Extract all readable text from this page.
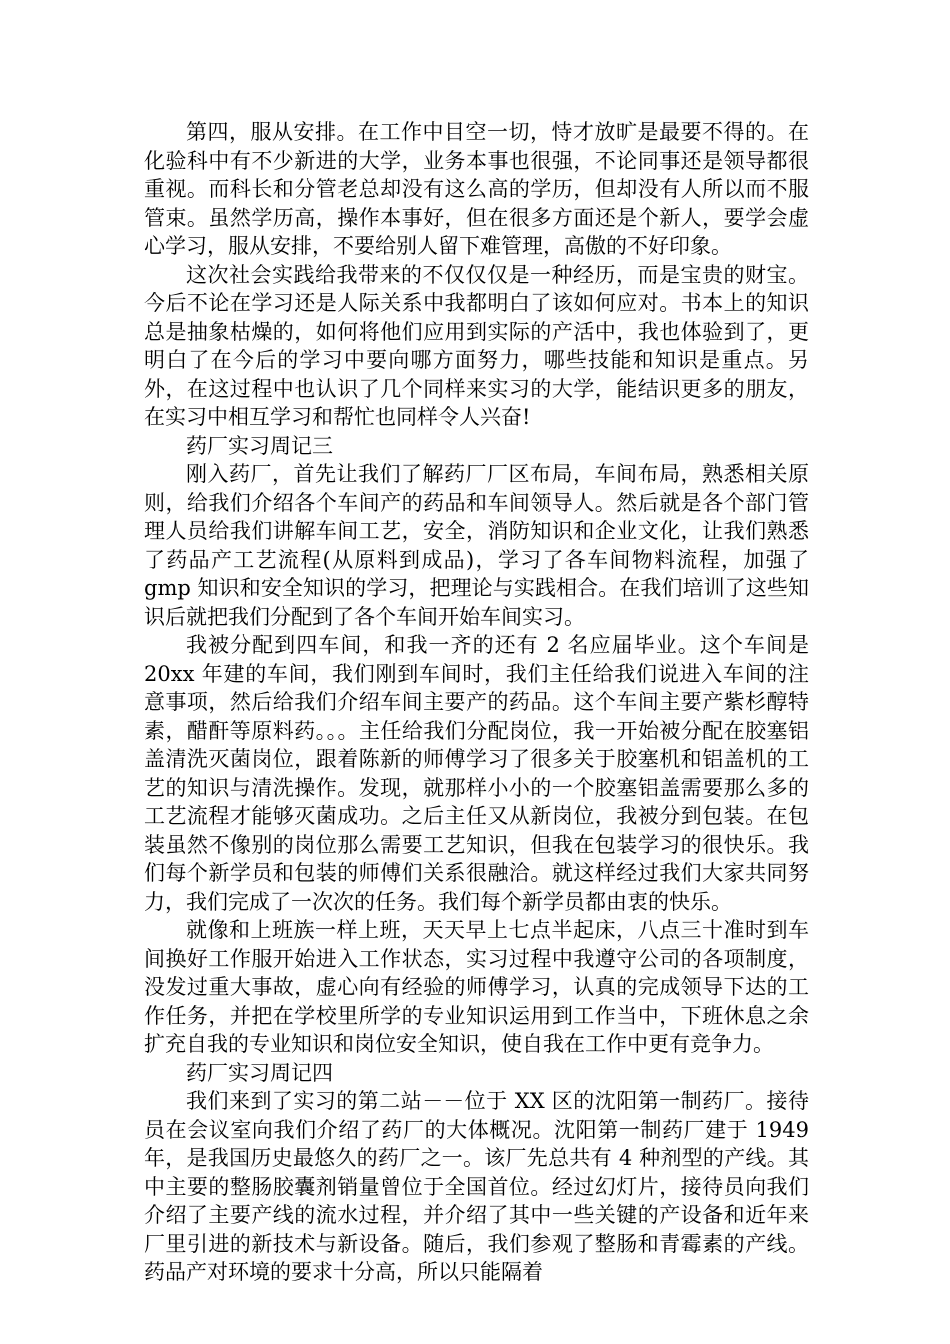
第四，服从安排。在工作中目空一切，恃才放旷是最要不得的。在化验科中有不少新进的大学，业务本事也很强，不论同事还是领导都很重视。而科长和分管老总却没有这么高的学历，但却没有人所以而不服管束。虽然学历高，操作本事好，但在很多方面还是个新人，要学会虚心学习，服从安排，不要给别人留下难管理，高傲的不好印象。

这次社会实践给我带来的不仅仅仅是一种经历，而是宝贵的财宝。今后不论在学习还是人际关系中我都明白了该如何应对。书本上的知识总是抽象枯燥的，如何将他们应用到实际的产活中，我也体验到了，更明白了在今后的学习中要向哪方面努力，哪些技能和知识是重点。另外，在这过程中也认识了几个同样来实习的大学，能结识更多的朋友，在实习中相互学习和帮忙也同样令人兴奋!

药厂实习周记三

刚入药厂，首先让我们了解药厂厂区布局，车间布局，熟悉相关原则，给我们介绍各个车间产的药品和车间领导人。然后就是各个部门管理人员给我们讲解车间工艺，安全，消防知识和企业文化，让我们熟悉了药品产工艺流程(从原料到成品)，学习了各车间物料流程，加强了 gmp 知识和安全知识的学习，把理论与实践相合。在我们培训了这些知识后就把我们分配到了各个车间开始车间实习。

我被分配到四车间，和我一齐的还有 2 名应届毕业。这个车间是 20xx 年建的车间，我们刚到车间时，我们主任给我们说进入车间的注意事项，然后给我们介绍车间主要产的药品。这个车间主要产紫杉醇特素，醋酐等原料药。。。主任给我们分配岗位，我一开始被分配在胶塞铝盖清洗灭菌岗位，跟着陈新的师傅学习了很多关于胶塞机和铝盖机的工艺的知识与清洗操作。发现，就那样小小的一个胶塞铝盖需要那么多的工艺流程才能够灭菌成功。之后主任又从新岗位，我被分到包装。在包装虽然不像别的岗位那么需要工艺知识，但我在包装学习的很快乐。我们每个新学员和包装的师傅们关系很融洽。就这样经过我们大家共同努力，我们完成了一次次的任务。我们每个新学员都由衷的快乐。

就像和上班族一样上班，天天早上七点半起床，八点三十准时到车间换好工作服开始进入工作状态，实习过程中我遵守公司的各项制度，没发过重大事故，虚心向有经验的师傅学习，认真的完成领导下达的工作任务，并把在学校里所学的专业知识运用到工作当中，下班休息之余扩充自我的专业知识和岗位安全知识，使自我在工作中更有竞争力。

药厂实习周记四

我们来到了实习的第二站－－位于 XX 区的沈阳第一制药厂。接待员在会议室向我们介绍了药厂的大体概况。沈阳第一制药厂建于 1949 年，是我国历史最悠久的药厂之一。该厂先总共有 4 种剂型的产线。其中主要的整肠胶囊剂销量曾位于全国首位。经过幻灯片，接待员向我们介绍了主要产线的流水过程，并介绍了其中一些关键的产设备和近年来厂里引进的新技术与新设备。随后，我们参观了整肠和青霉素的产线。药品产对环境的要求十分高，所以只能隔着
